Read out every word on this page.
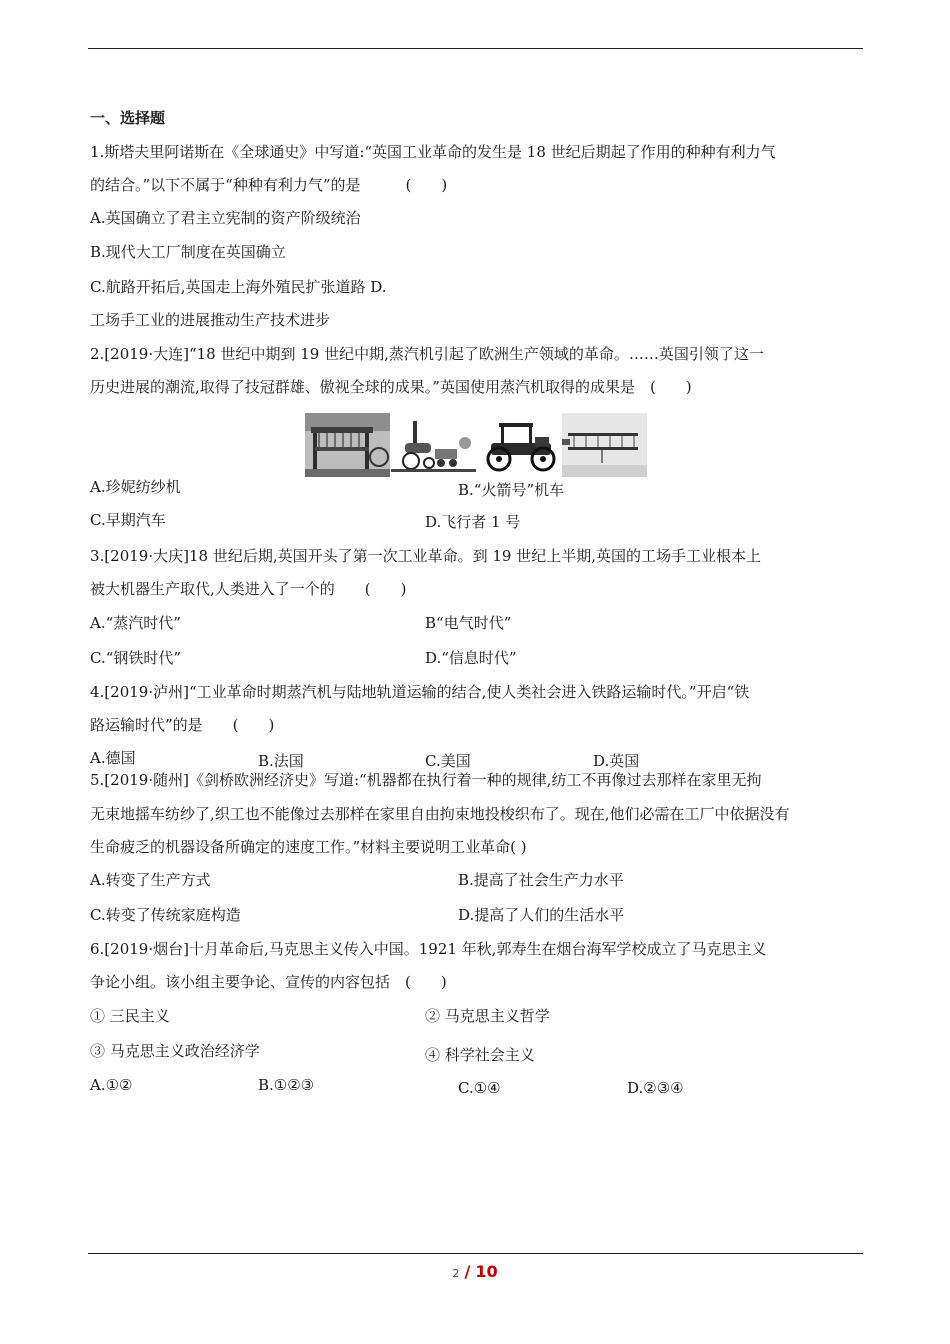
一、选择题
1.斯塔夫里阿诺斯在《全球通史》中写道:“英国工业革命的发生是 18 世纪后期起了作用的种种有利力气
的结合。”以下不属于“种种有利力气”的是　　　(　　)
A.英国确立了君主立宪制的资产阶级统治
B.现代大工厂制度在英国确立
C.航路开拓后,英国走上海外殖民扩张道路 D.
工场手工业的进展推动生产技术进步
2.[2019·大连]“18 世纪中期到 19 世纪中期,蒸汽机引起了欧洲生产领域的革命。……英国引领了这一
历史进展的潮流,取得了技冠群雄、傲视全球的成果。”英国使用蒸汽机取得的成果是　(　　)
A.珍妮纺纱机	B.“火箭号”机车
C.早期汽车	D.飞行者 1 号
3.[2019·大庆]18 世纪后期,英国开头了第一次工业革命。到 19 世纪上半期,英国的工场手工业根本上
被大机器生产取代,人类进入了一个的　　(　　)
A.“蒸汽时代”	B“电气时代”
C.“钢铁时代”	D.“信息时代”
4.[2019·泸州]“工业革命时期蒸汽机与陆地轨道运输的结合,使人类社会进入铁路运输时代。”开启“铁
路运输时代”的是　　(　　)
A.德国	B.法国	C.美国	D.英国
5.[2019·随州]《剑桥欧洲经济史》写道:“机器都在执行着一种的规律,纺工不再像过去那样在家里无拘
无束地摇车纺纱了,织工也不能像过去那样在家里自由拘束地投梭织布了。现在,他们必需在工厂中依据没有
生命疲乏的机器设备所确定的速度工作。”材料主要说明工业革命( )
A.转变了生产方式	B.提高了社会生产力水平
C.转变了传统家庭构造	D.提高了人们的生活水平
6.[2019·烟台]十月革命后,马克思主义传入中国。1921 年秋,郭寿生在烟台海军学校成立了马克思主义
争论小组。该小组主要争论、宣传的内容包括　(　　)
① 三民主义	② 马克思主义哲学
③ 马克思主义政治经济学	④ 科学社会主义
A.①②	B.①②③	C.①④	D.②③④
2 / 10
